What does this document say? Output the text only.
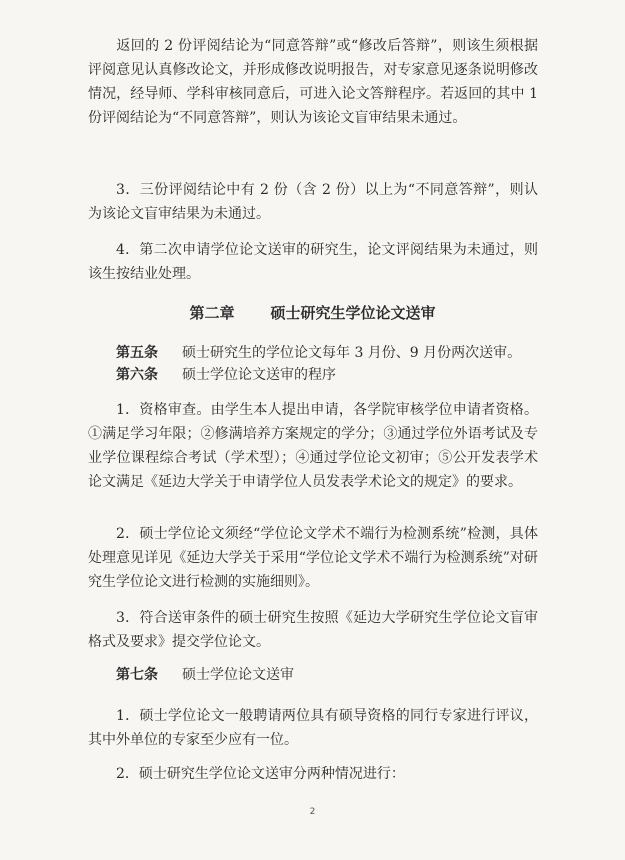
返回的 2 份评阅结论为“同意答辩”或“修改后答辩”，则该生须根据评阅意见认真修改论文，并形成修改说明报告，对专家意见逐条说明修改情况，经导师、学科审核同意后，可进入论文答辩程序。若返回的其中 1 份评阅结论为“不同意答辩”，则认为该论文盲审结果未通过。

3．三份评阅结论中有 2 份（含 2 份）以上为“不同意答辩”，则认为该论文盲审结果为未通过。

4．第二次申请学位论文送审的研究生，论文评阅结果为未通过，则该生按结业处理。

第二章 硕士研究生学位论文送审

第五条 硕士研究生的学位论文每年 3 月份、9 月份两次送审。

第六条 硕士学位论文送审的程序

1．资格审查。由学生本人提出申请，各学院审核学位申请者资格。①满足学习年限；②修满培养方案规定的学分；③通过学位外语考试及专业学位课程综合考试（学术型）；④通过学位论文初审；⑤公开发表学术论文满足《延边大学关于申请学位人员发表学术论文的规定》的要求。

2．硕士学位论文须经“学位论文学术不端行为检测系统”检测，具体处理意见详见《延边大学关于采用“学位论文学术不端行为检测系统”对研究生学位论文进行检测的实施细则》。

3．符合送审条件的硕士研究生按照《延边大学研究生学位论文盲审格式及要求》提交学位论文。

第七条 硕士学位论文送审

1．硕士学位论文一般聘请两位具有硕导资格的同行专家进行评议，其中外单位的专家至少应有一位。

2．硕士研究生学位论文送审分两种情况进行：

2
